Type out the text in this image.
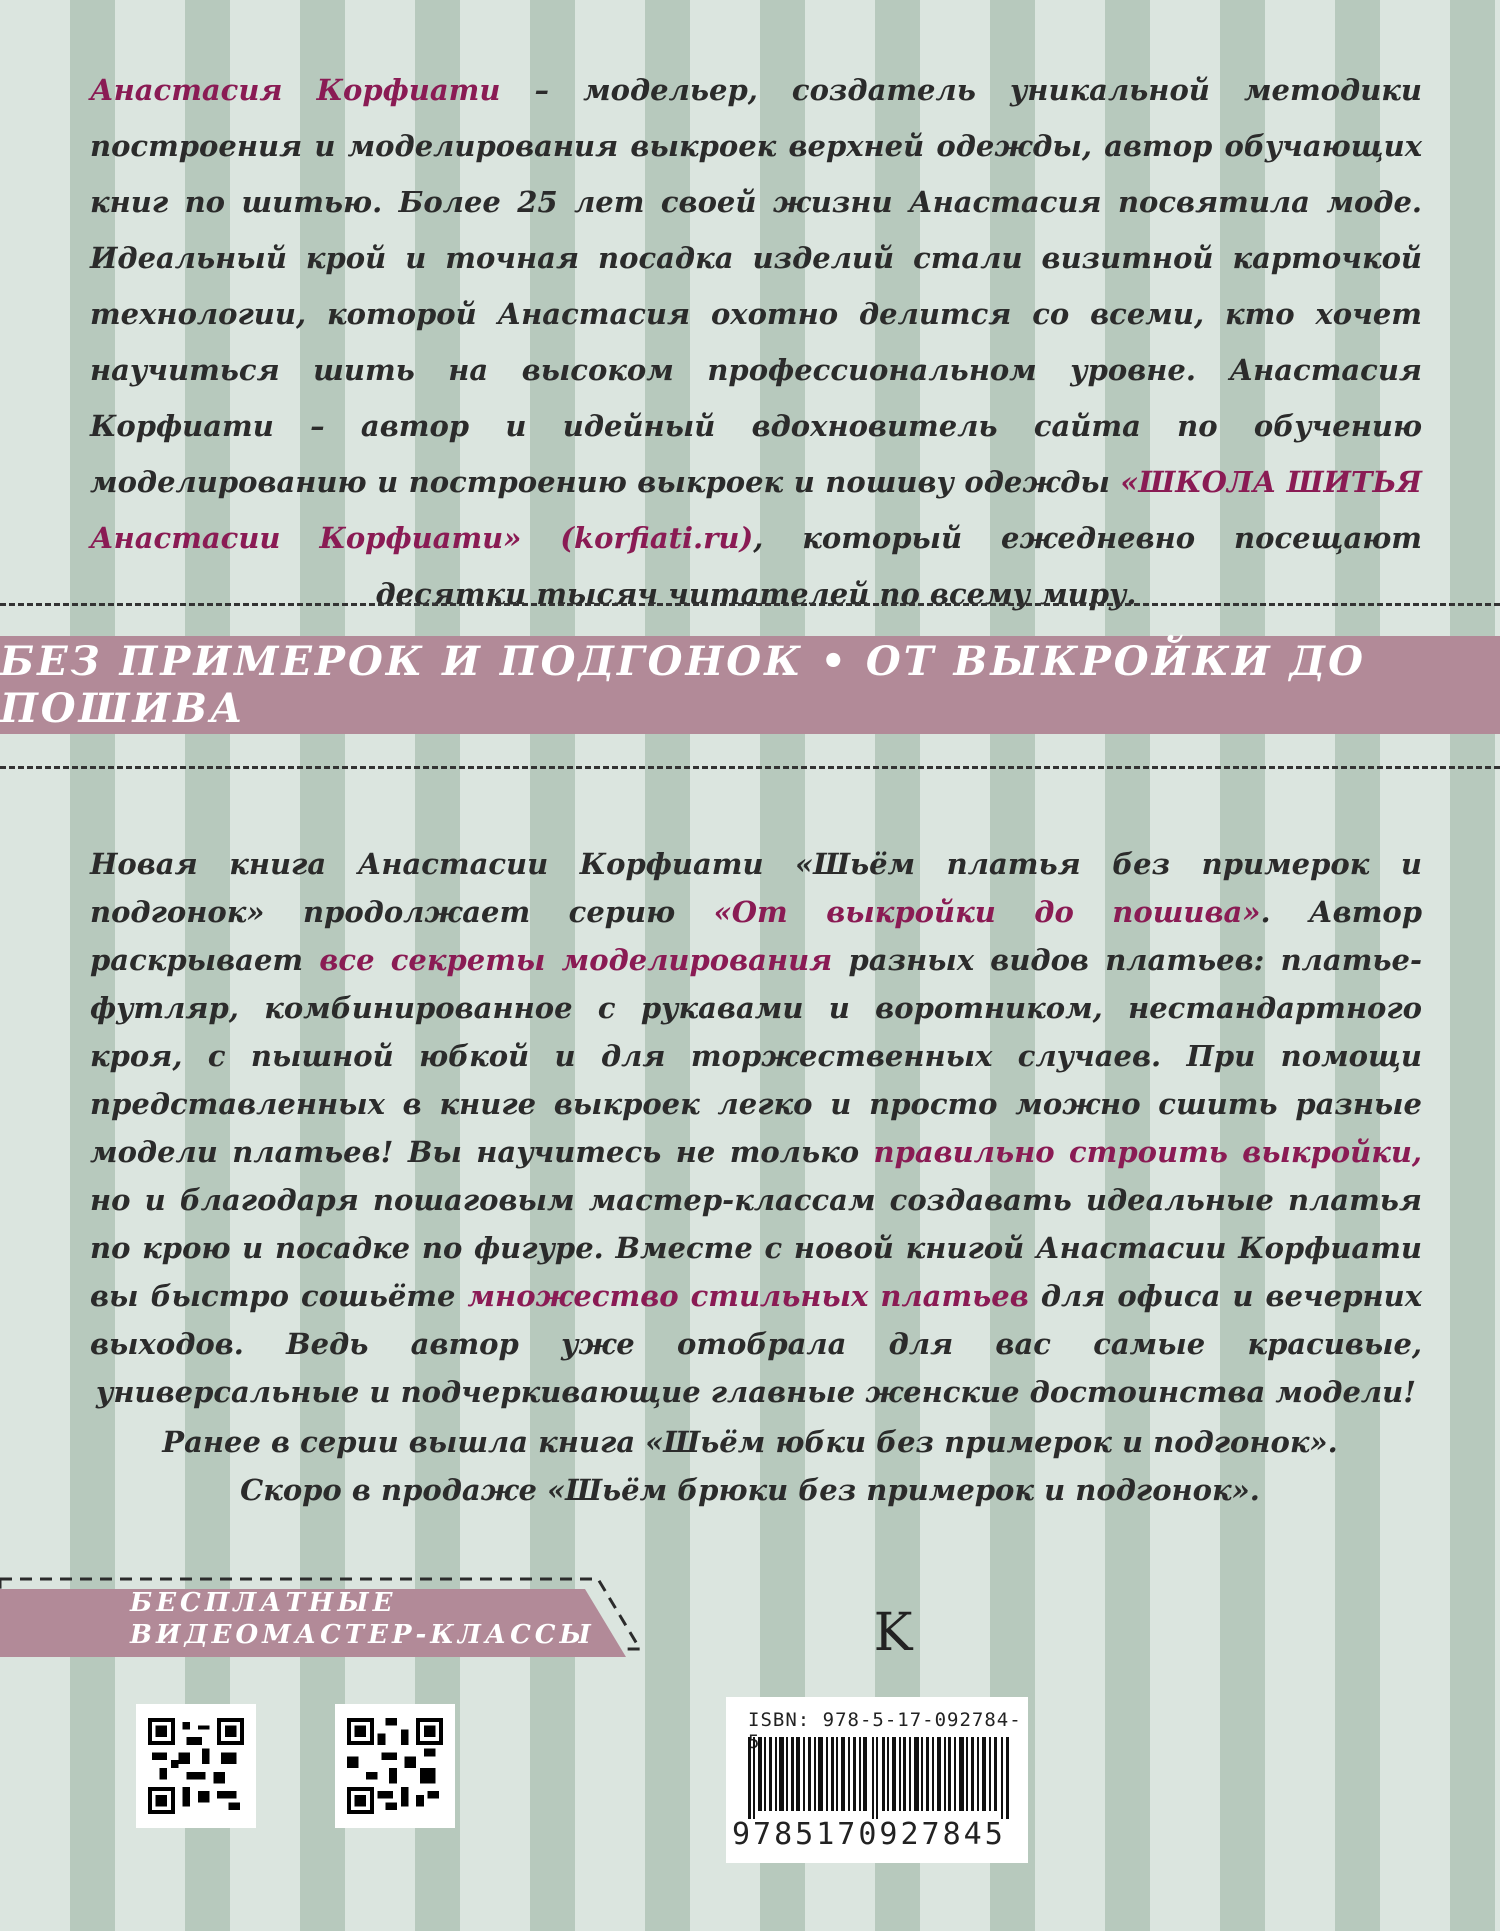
Анастасия Корфиати – модельер, создатель уникальной методики построения и моделирования выкроек верхней одежды, автор обучающих книг по шитью. Более 25 лет своей жизни Анастасия посвятила моде. Идеальный крой и точная посадка изделий стали визитной карточкой технологии, которой Анастасия охотно делится со всеми, кто хочет научиться шить на высоком профессиональном уровне. Анастасия Корфиати – автор и идейный вдохновитель сайта по обучению моделированию и построению выкроек и пошиву одежды «ШКОЛА ШИТЬЯ Анастасии Корфиати» (korfiati.ru), который ежедневно посещают десятки тысяч читателей по всему миру.
БЕЗ ПРИМЕРОК И ПОДГОНОК • ОТ ВЫКРОЙКИ ДО ПОШИВА
Новая книга Анастасии Корфиати «Шьём платья без примерок и подгонок» продолжает серию «От выкройки до пошива». Автор раскрывает все секреты моделирования разных видов платьев: платье-футляр, комбинированное с рукавами и воротником, нестандартного кроя, с пышной юбкой и для торжественных случаев. При помощи представленных в книге выкроек легко и просто можно сшить разные модели платьев! Вы научитесь не только правильно строить выкройки, но и благодаря пошаговым мастер-классам создавать идеальные платья по крою и посадке по фигуре. Вместе с новой книгой Анастасии Корфиати вы быстро сошьёте множество стильных платьев для офиса и вечерних выходов. Ведь автор уже отобрала для вас самые красивые, универсальные и подчеркивающие главные женские достоинства модели!
Ранее в серии вышла книга «Шьём юбки без примерок и подгонок».
Скоро в продаже «Шьём брюки без примерок и подгонок».
БЕСПЛАТНЫЕ
ВИДЕОМАСТЕР-КЛАССЫ	K
ISBN: 978-5-17-092784-5
9785170927845
